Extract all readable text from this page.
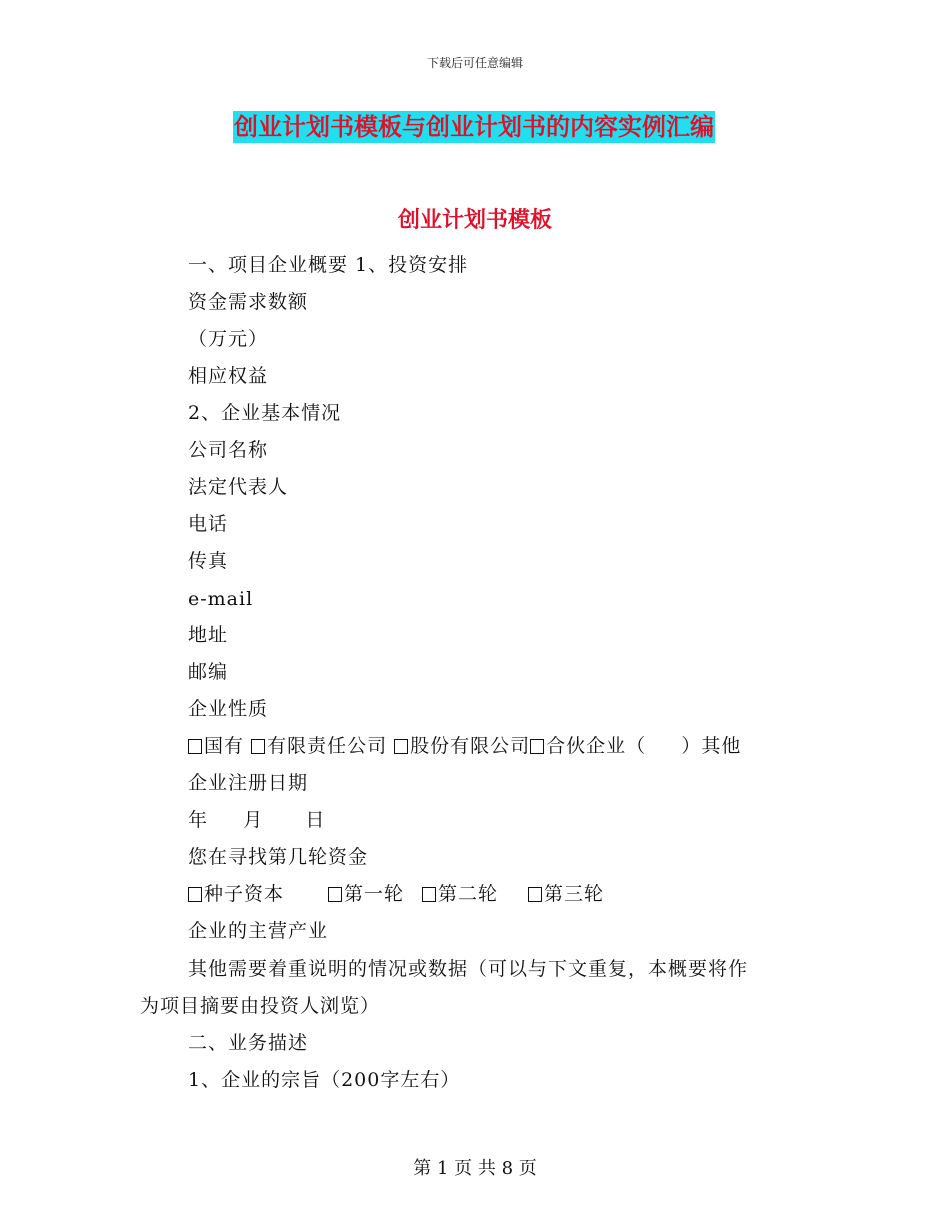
下载后可任意编辑
创业计划书模板与创业计划书的内容实例汇编
创业计划书模板
一、项目企业概要 1、投资安排
资金需求数额
（万元）
相应权益
2、企业基本情况
公司名称
法定代表人
电话
传真
e-mail
地址
邮编
企业性质
国有 有限责任公司 股份有限公司 合伙企业（     ）其他
企业注册日期
年     月      日
您在寻找第几轮资金
种子资本	第一轮 第二轮 第三轮
企业的主营产业
其他需要着重说明的情况或数据（可以与下文重复，本概要将作
为项目摘要由投资人浏览）
二、业务描述
1、企业的宗旨（200字左右）
第 1 页 共 8 页
